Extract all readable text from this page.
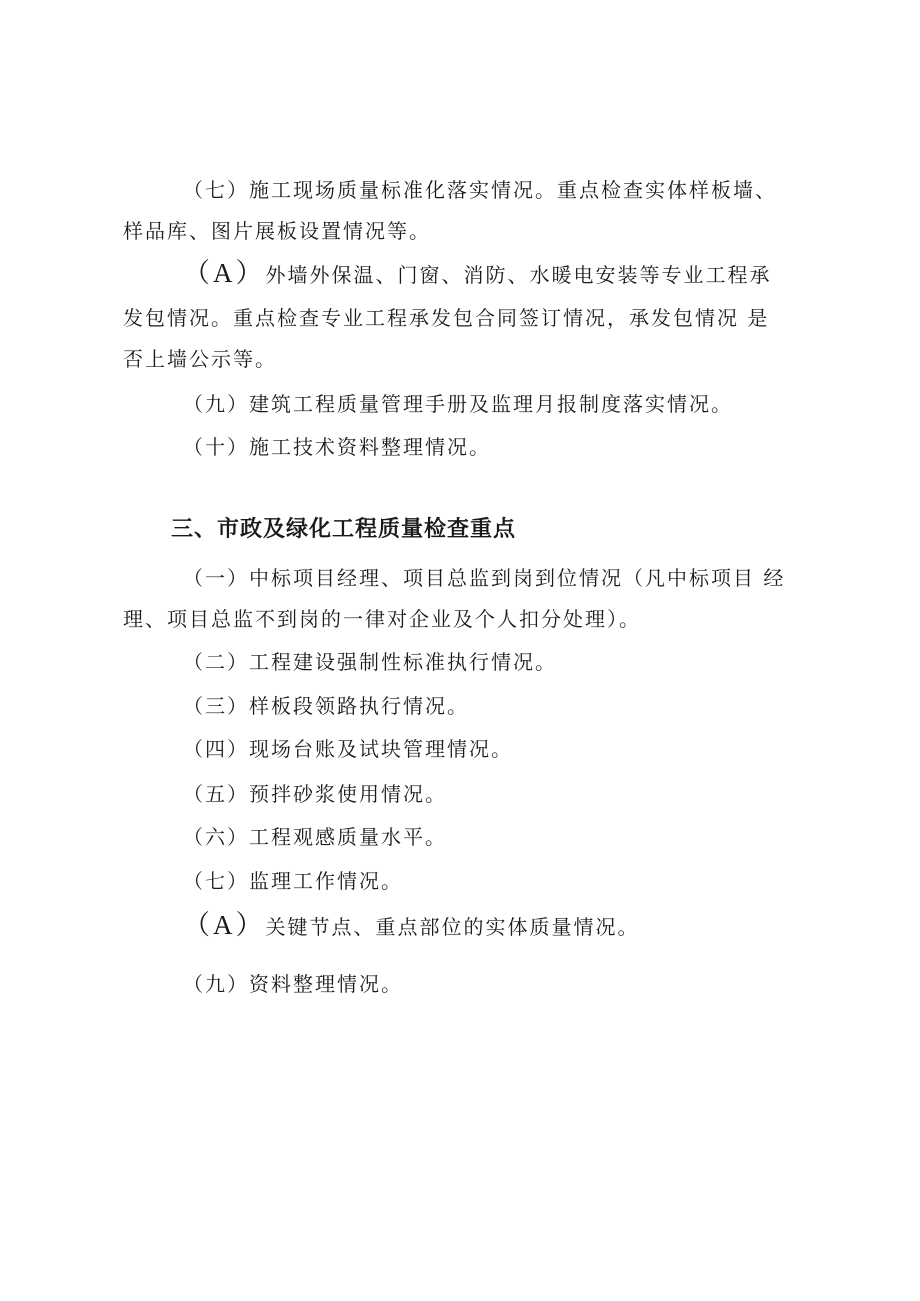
（七）施工现场质量标准化落实情况。重点检查实体样板墙、
样品库、图片展板设置情况等。
（A）外墙外保温、门窗、消防、水暖电安装等专业工程承
发包情况。重点检查专业工程承发包合同签订情况，承发包情况 是
否上墙公示等。
（九）建筑工程质量管理手册及监理月报制度落实情况。
（十）施工技术资料整理情况。
三、市政及绿化工程质量检查重点
（一）中标项目经理、项目总监到岗到位情况（凡中标项目 经
理、项目总监不到岗的一律对企业及个人扣分处理）。
（二）工程建设强制性标准执行情况。
（三）样板段领路执行情况。
（四）现场台账及试块管理情况。
（五）预拌砂浆使用情况。
（六）工程观感质量水平。
（七）监理工作情况。
（A）关键节点、重点部位的实体质量情况。
（九）资料整理情况。
